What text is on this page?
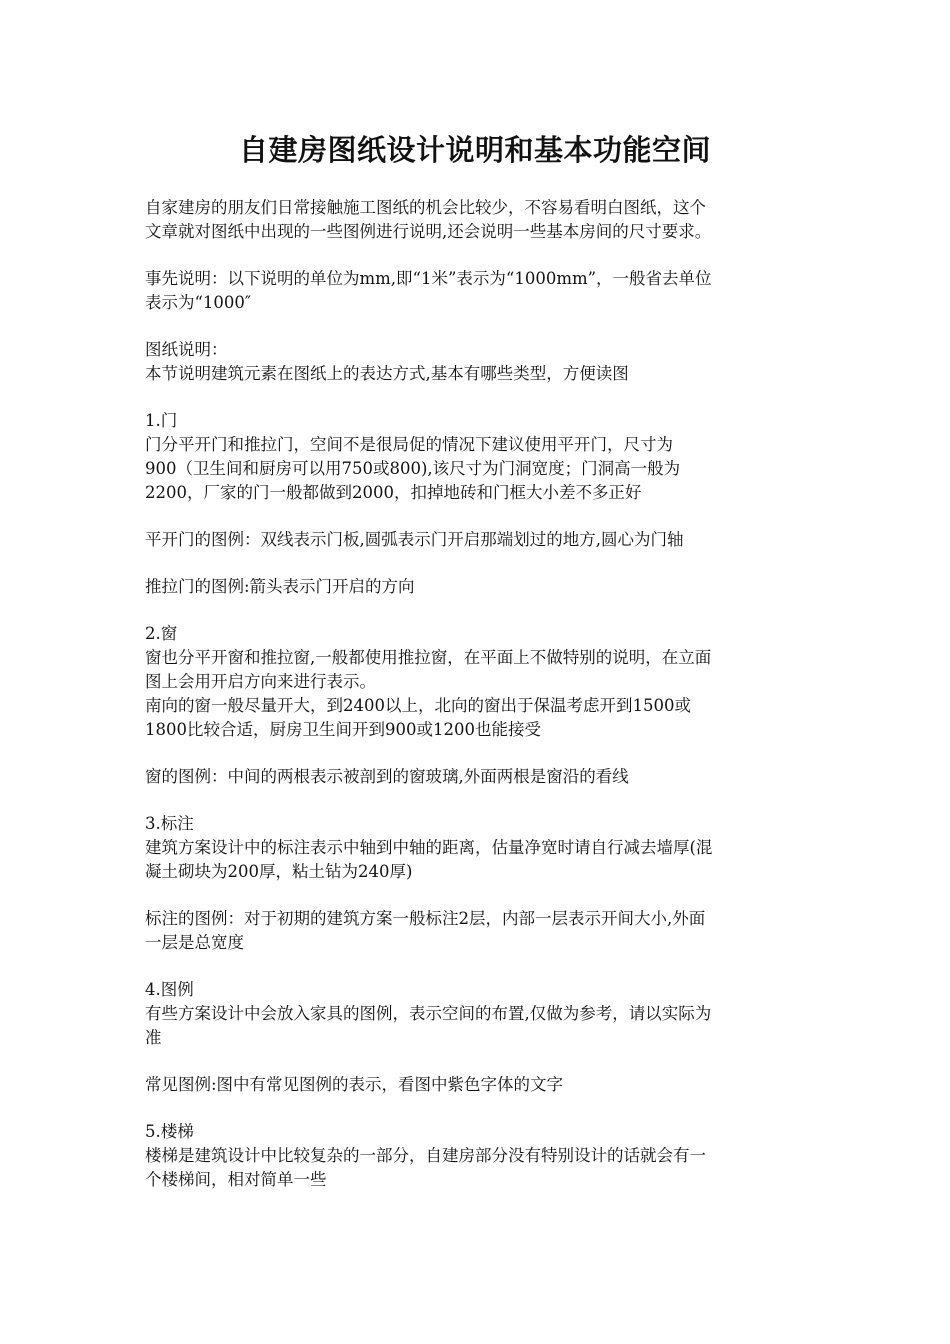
自建房图纸设计说明和基本功能空间

自家建房的朋友们日常接触施工图纸的机会比较少，不容易看明白图纸，这个
文章就对图纸中出现的一些图例进行说明,还会说明一些基本房间的尺寸要求。

事先说明：以下说明的单位为mm,即“1米”表示为“1000mm”，一般省去单位
表示为“1000″

图纸说明：
本节说明建筑元素在图纸上的表达方式,基本有哪些类型，方便读图

1.门
门分平开门和推拉门，空间不是很局促的情况下建议使用平开门，尺寸为
900（卫生间和厨房可以用750或800),该尺寸为门洞宽度；门洞高一般为
2200，厂家的门一般都做到2000，扣掉地砖和门框大小差不多正好

平开门的图例：双线表示门板,圆弧表示门开启那端划过的地方,圆心为门轴

推拉门的图例:箭头表示门开启的方向

2.窗
窗也分平开窗和推拉窗,一般都使用推拉窗，在平面上不做特别的说明，在立面
图上会用开启方向来进行表示。
南向的窗一般尽量开大，到2400以上，北向的窗出于保温考虑开到1500或
1800比较合适，厨房卫生间开到900或1200也能接受

窗的图例：中间的两根表示被剖到的窗玻璃,外面两根是窗沿的看线

3.标注
建筑方案设计中的标注表示中轴到中轴的距离，估量净宽时请自行减去墙厚(混
凝土砌块为200厚，粘土钻为240厚)

标注的图例：对于初期的建筑方案一般标注2层，内部一层表示开间大小,外面
一层是总宽度

4.图例
有些方案设计中会放入家具的图例，表示空间的布置,仅做为参考，请以实际为
准

常见图例:图中有常见图例的表示，看图中紫色字体的文字

5.楼梯
楼梯是建筑设计中比较复杂的一部分，自建房部分没有特别设计的话就会有一
个楼梯间，相对简单一些
